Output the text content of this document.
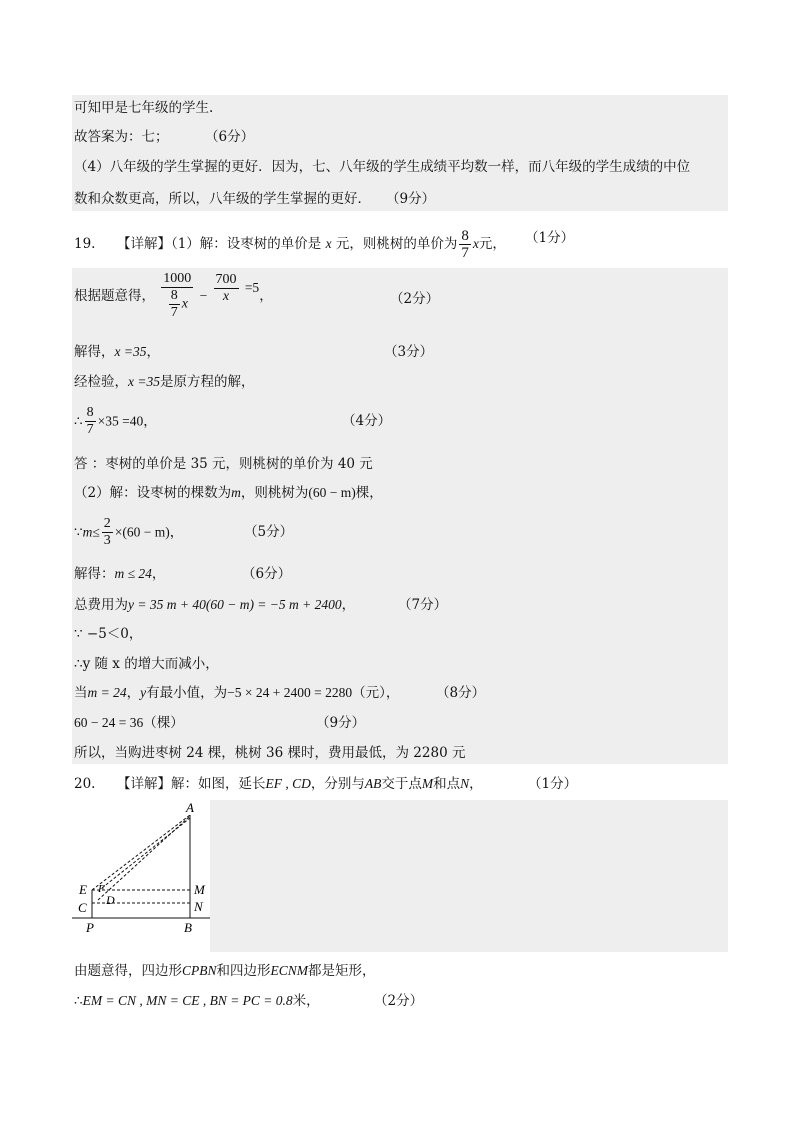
可知甲是七年级的学生.
故答案为：七；	（6分）
（4）八年级的学生掌握的更好．因为，七、八年级的学生成绩平均数一样，而八年级的学生成绩的中位
数和众数更高，所以，八年级的学生掌握的更好． （9分）
19. 【详解】（1）解：设枣树的单价是 x 元，则桃树的单价为 $\frac{8}{7}$ x元， （1分）
根据题意得， $\frac{1000}{\frac{8}{7} x} - \frac{700}{x} =5$，	（2分）
解得，x =35，	（3分）
经检验，x =35是原方程的解，
∴ $\frac{8}{7} \times 35 =40$，	（4分）
答 ：枣树的单价是 35 元，则桃树的单价为 40 元
（2）解：设枣树的棵数为m，则桃树为(60 − m)棵，
∵m≤ $\frac{2}{3} \times(60 - m)$，	（5分）
解得：m ≤ 24，	（6分）
总费用为y = 35 m + 40(60 − m) = −5 m + 2400，	（7分）
∵ −5＜0，
∴y 随 x 的增大而减小，
当m = 24，y有最小值，为−5 × 24 + 2400 = 2280（元），	（8分）
60 − 24 = 36（棵）	（9分）
所以，当购进枣树 24 棵，桃树 36 棵时，费用最低，为 2280 元
20. 【详解】解：如图，延长EF , CD，分别与AB交于点M和点N，	（1分）
A
E F
D
C
M
N
P	B
由题意得，四边形CPBN和四边形ECNM都是矩形，
∴EM = CN , MN = CE , BN = PC = 0.8米，	（2分）
